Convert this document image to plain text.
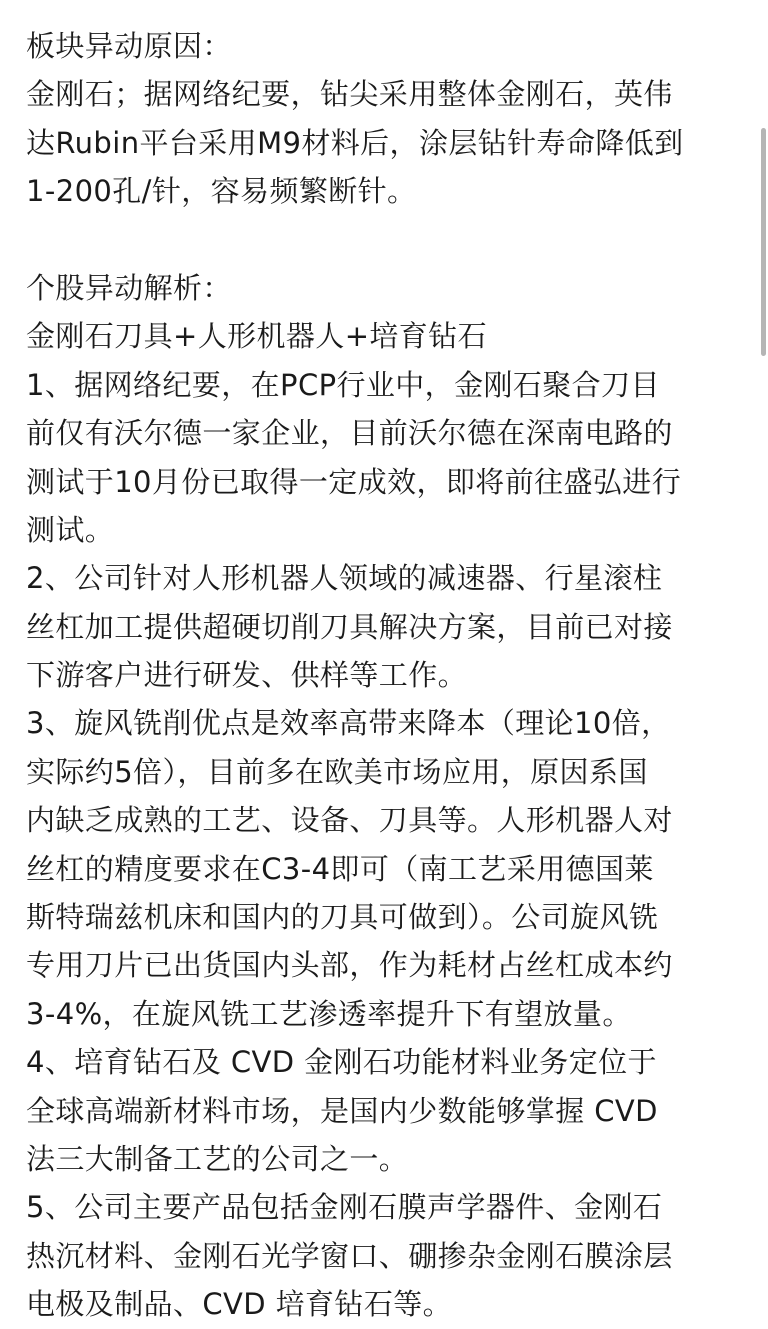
板块异动原因：
金刚石；据网络纪要，钻尖采用整体金刚石，英伟
达Rubin平台采用M9材料后，涂层钻针寿命降低到
1-200孔/针，容易频繁断针。
个股异动解析：
金刚石刀具+人形机器人+培育钻石
1、据网络纪要，在PCP行业中，金刚石聚合刀目
前仅有沃尔德一家企业，目前沃尔德在深南电路的
测试于10月份已取得一定成效，即将前往盛弘进行
测试。
2、公司针对人形机器人领域的减速器、行星滚柱
丝杠加工提供超硬切削刀具解决方案，目前已对接
下游客户进行研发、供样等工作。
3、旋风铣削优点是效率高带来降本（理论10倍，
实际约5倍），目前多在欧美市场应用，原因系国
内缺乏成熟的工艺、设备、刀具等。人形机器人对
丝杠的精度要求在C3-4即可（南工艺采用德国莱
斯特瑞兹机床和国内的刀具可做到）。公司旋风铣
专用刀片已出货国内头部，作为耗材占丝杠成本约
3-4%，在旋风铣工艺渗透率提升下有望放量。
4、培育钻石及 CVD 金刚石功能材料业务定位于
全球高端新材料市场，是国内少数能够掌握 CVD
法三大制备工艺的公司之一。
5、公司主要产品包括金刚石膜声学器件、金刚石
热沉材料、金刚石光学窗口、硼掺杂金刚石膜涂层
电极及制品、CVD 培育钻石等。
